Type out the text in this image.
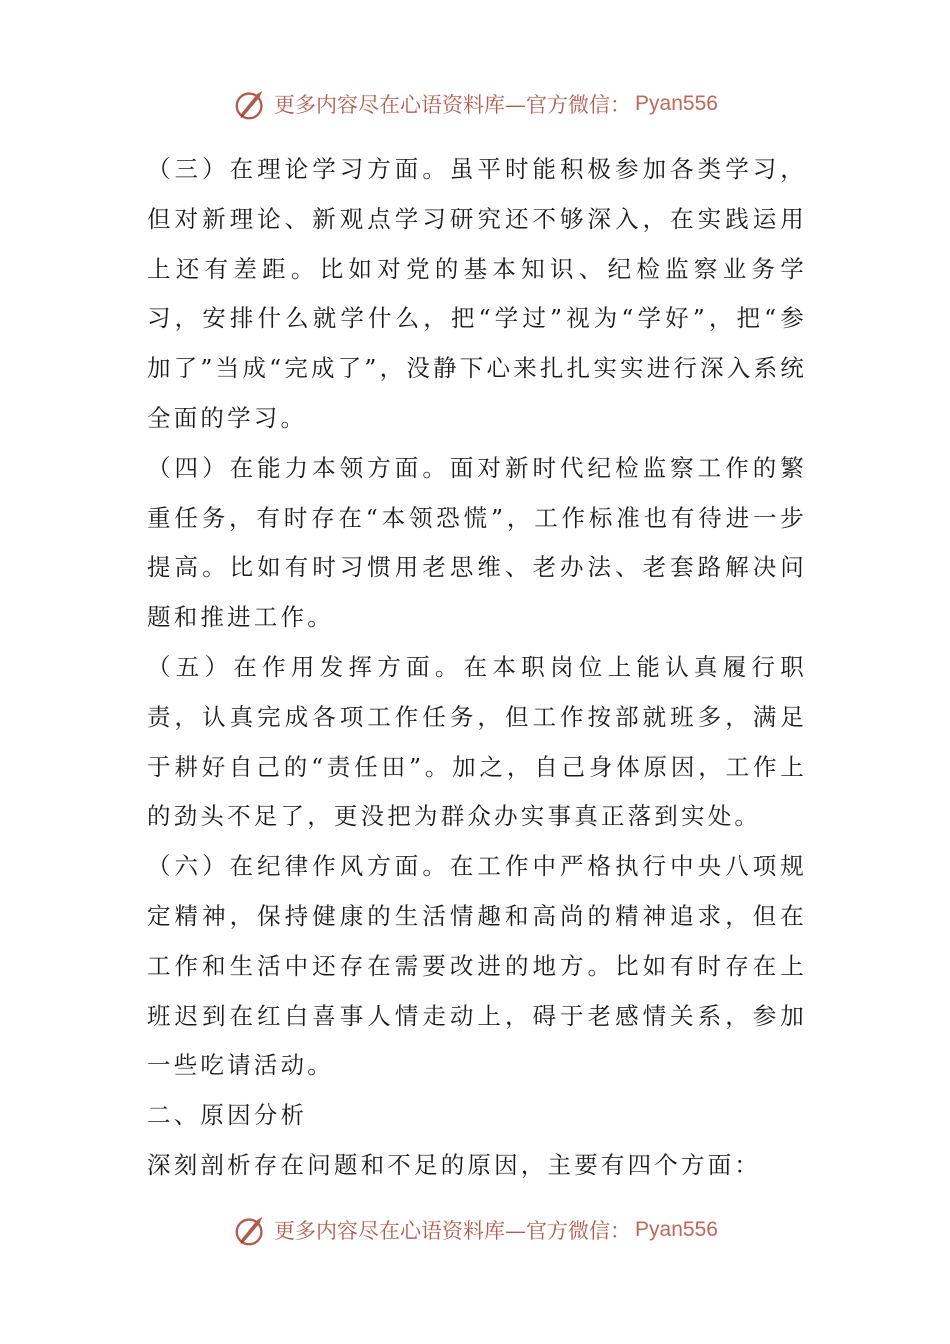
更多内容尽在心语资料库—官方微信： Pyan556

（三）在理论学习方面。虽平时能积极参加各类学习，但对新理论、新观点学习研究还不够深入，在实践运用上还有差距。比如对党的基本知识、纪检监察业务学习，安排什么就学什么，把“学过”视为“学好”，把“参加了”当成“完成了”，没静下心来扎扎实实进行深入系统全面的学习。

（四）在能力本领方面。面对新时代纪检监察工作的繁重任务，有时存在“本领恐慌”，工作标准也有待进一步提高。比如有时习惯用老思维、老办法、老套路解决问题和推进工作。

（五）在作用发挥方面。在本职岗位上能认真履行职责，认真完成各项工作任务，但工作按部就班多，满足于耕好自己的“责任田”。加之，自己身体原因，工作上的劲头不足了，更没把为群众办实事真正落到实处。

（六）在纪律作风方面。在工作中严格执行中央八项规定精神，保持健康的生活情趣和高尚的精神追求，但在工作和生活中还存在需要改进的地方。比如有时存在上班迟到在红白喜事人情走动上，碍于老感情关系，参加一些吃请活动。

二、原因分析

深刻剖析存在问题和不足的原因，主要有四个方面：

更多内容尽在心语资料库—官方微信： Pyan556
